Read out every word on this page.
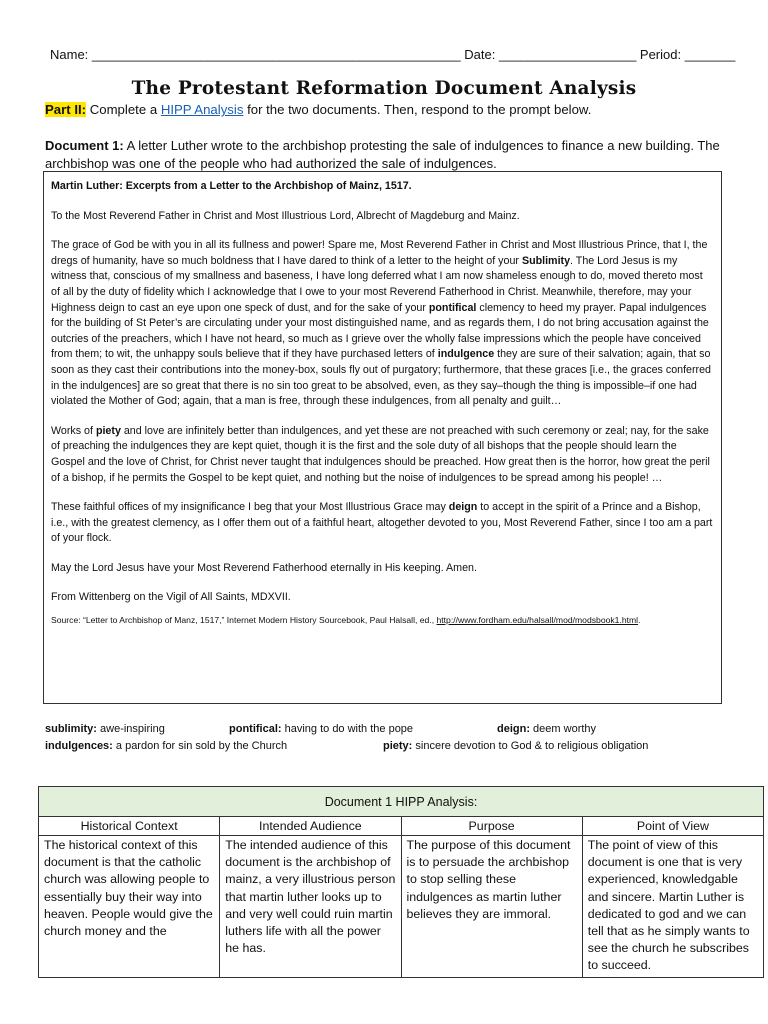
Name: ___________________________________________________ Date: ___________________ Period: _______
The Protestant Reformation Document Analysis
Part II: Complete a HIPP Analysis for the two documents. Then, respond to the prompt below.
Document 1: A letter Luther wrote to the archbishop protesting the sale of indulgences to finance a new building. The archbishop was one of the people who had authorized the sale of indulgences.

Martin Luther: Excerpts from a Letter to the Archbishop of Mainz, 1517.

To the Most Reverend Father in Christ and Most Illustrious Lord, Albrecht of Magdeburg and Mainz.

The grace of God be with you in all its fullness and power! Spare me, Most Reverend Father in Christ and Most Illustrious Prince, that I, the dregs of humanity, have so much boldness that I have dared to think of a letter to the height of your Sublimity. The Lord Jesus is my witness that, conscious of my smallness and baseness, I have long deferred what I am now shameless enough to do, moved thereto most of all by the duty of fidelity which I acknowledge that I owe to your most Reverend Fatherhood in Christ. Meanwhile, therefore, may your Highness deign to cast an eye upon one speck of dust, and for the sake of your pontifical clemency to heed my prayer. Papal indulgences for the building of St Peter’s are circulating under your most distinguished name, and as regards them, I do not bring accusation against the outcries of the preachers, which I have not heard, so much as I grieve over the wholly false impressions which the people have conceived from them; to wit, the unhappy souls believe that if they have purchased letters of indulgence they are sure of their salvation; again, that so soon as they cast their contributions into the money-box, souls fly out of purgatory; furthermore, that these graces [i.e., the graces conferred in the indulgences] are so great that there is no sin too great to be absolved, even, as they say–though the thing is impossible–if one had violated the Mother of God; again, that a man is free, through these indulgences, from all penalty and guilt…

Works of piety and love are infinitely better than indulgences, and yet these are not preached with such ceremony or zeal; nay, for the sake of preaching the indulgences they are kept quiet, though it is the first and the sole duty of all bishops that the people should learn the Gospel and the love of Christ, for Christ never taught that indulgences should be preached. How great then is the horror, how great the peril of a bishop, if he permits the Gospel to be kept quiet, and nothing but the noise of indulgences to be spread among his people! …

These faithful offices of my insignificance I beg that your Most Illustrious Grace may deign to accept in the spirit of a Prince and a Bishop, i.e., with the greatest clemency, as I offer them out of a faithful heart, altogether devoted to you, Most Reverend Father, since I too am a part of your flock.

May the Lord Jesus have your Most Reverend Fatherhood eternally in His keeping. Amen.

From Wittenberg on the Vigil of All Saints, MDXVII.

Source: “Letter to Archbishop of Manz, 1517,” Internet Modern History Sourcebook, Paul Halsall, ed., http://www.fordham.edu/halsall/mod/modsbook1.html.

sublimity: awe-inspiring	pontifical: having to do with the pope	deign: deem worthy
indulgences: a pardon for sin sold by the Church	piety: sincere devotion to God & to religious obligation
Document 1 HIPP Analysis:			
Historical Context	Intended Audience	Purpose	Point of View
The historical context of this document is that the catholic church was allowing people to essentially buy their way into heaven. People would give the church money and the	The intended audience of this document is the archbishop of mainz, a very illustrious person that martin luther looks up to and very well could ruin martin luthers life with all the power he has.	The purpose of this document is to persuade the archbishop to stop selling these indulgences as martin luther believes they are immoral.	The point of view of this document is one that is very experienced, knowledgable and sincere. Martin Luther is dedicated to god and we can tell that as he simply wants to see the church he subscribes to succeed.
